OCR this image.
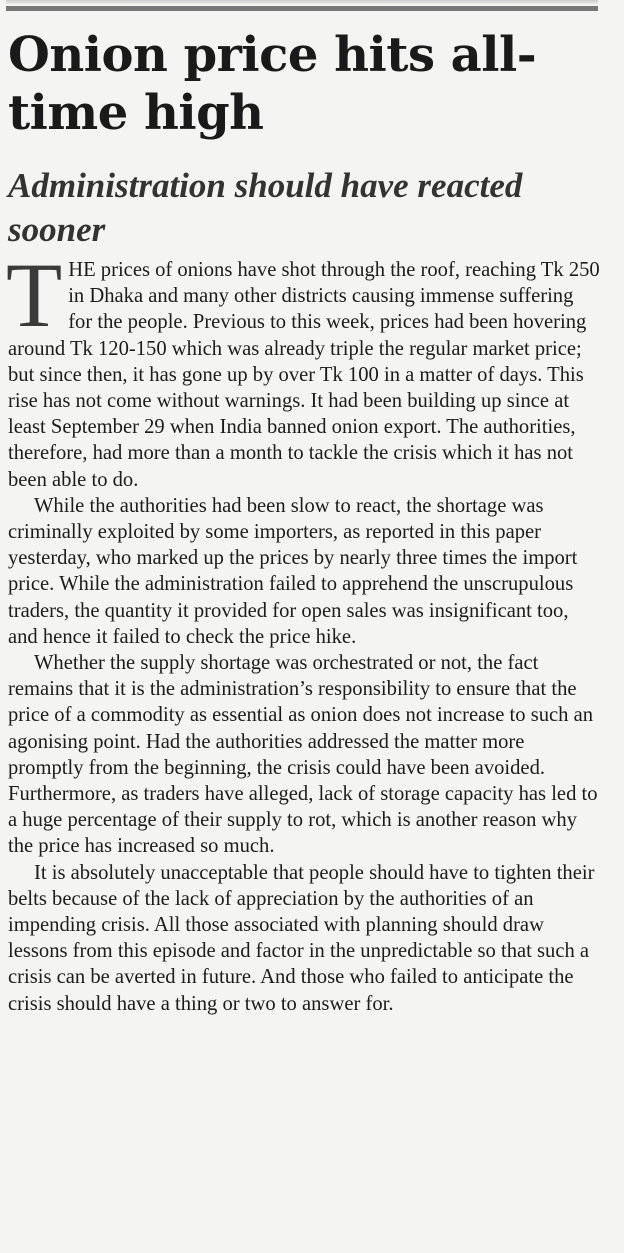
Onion price hits all-time high
Administration should have reacted sooner

THE prices of onions have shot through the roof, reaching Tk 250 in Dhaka and many other districts causing immense suffering for the people. Previous to this week, prices had been hovering around Tk 120-150 which was already triple the regular market price; but since then, it has gone up by over Tk 100 in a matter of days. This rise has not come without warnings. It had been building up since at least September 29 when India banned onion export. The authorities, therefore, had more than a month to tackle the crisis which it has not been able to do.

While the authorities had been slow to react, the shortage was criminally exploited by some importers, as reported in this paper yesterday, who marked up the prices by nearly three times the import price. While the administration failed to apprehend the unscrupulous traders, the quantity it provided for open sales was insignificant too, and hence it failed to check the price hike.

Whether the supply shortage was orchestrated or not, the fact remains that it is the administration’s responsibility to ensure that the price of a commodity as essential as onion does not increase to such an agonising point. Had the authorities addressed the matter more promptly from the beginning, the crisis could have been avoided. Furthermore, as traders have alleged, lack of storage capacity has led to a huge percentage of their supply to rot, which is another reason why the price has increased so much.

It is absolutely unacceptable that people should have to tighten their belts because of the lack of appreciation by the authorities of an impending crisis. All those associated with planning should draw lessons from this episode and factor in the unpredictable so that such a crisis can be averted in future. And those who failed to anticipate the crisis should have a thing or two to answer for.
